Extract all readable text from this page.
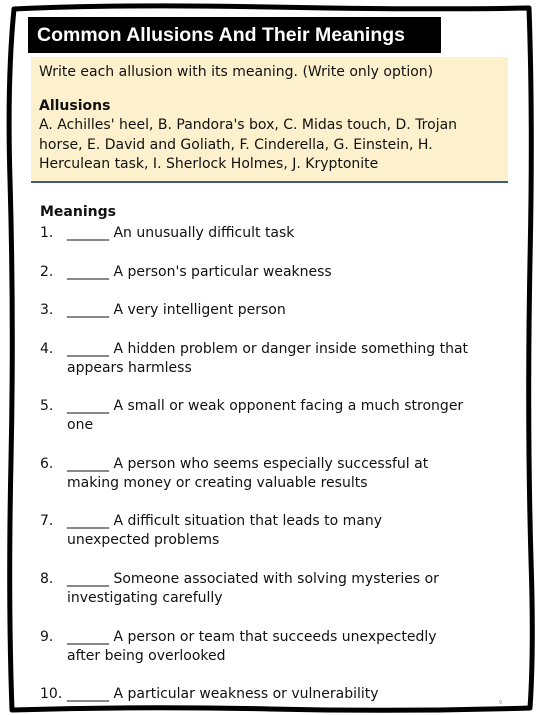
Common Allusions And Their Meanings
Write each allusion with its meaning. (Write only option)
Allusions
A. Achilles' heel, B. Pandora's box, C. Midas touch, D. Trojan
horse, E. David and Goliath, F. Cinderella, G. Einstein, H.
Herculean task, I. Sherlock Holmes, J. Kryptonite
Meanings
1. ______ An unusually difficult task
2. ______ A person's particular weakness
3. ______ A very intelligent person
4. ______ A hidden problem or danger inside something that
appears harmless
5. ______ A small or weak opponent facing a much stronger
one
6. ______ A person who seems especially successful at
making money or creating valuable results
7. ______ A difficult situation that leads to many
unexpected problems
8. ______ Someone associated with solving mysteries or
investigating carefully
9. ______ A person or team that succeeds unexpectedly
after being overlooked
10. ______ A particular weakness or vulnerability
9
